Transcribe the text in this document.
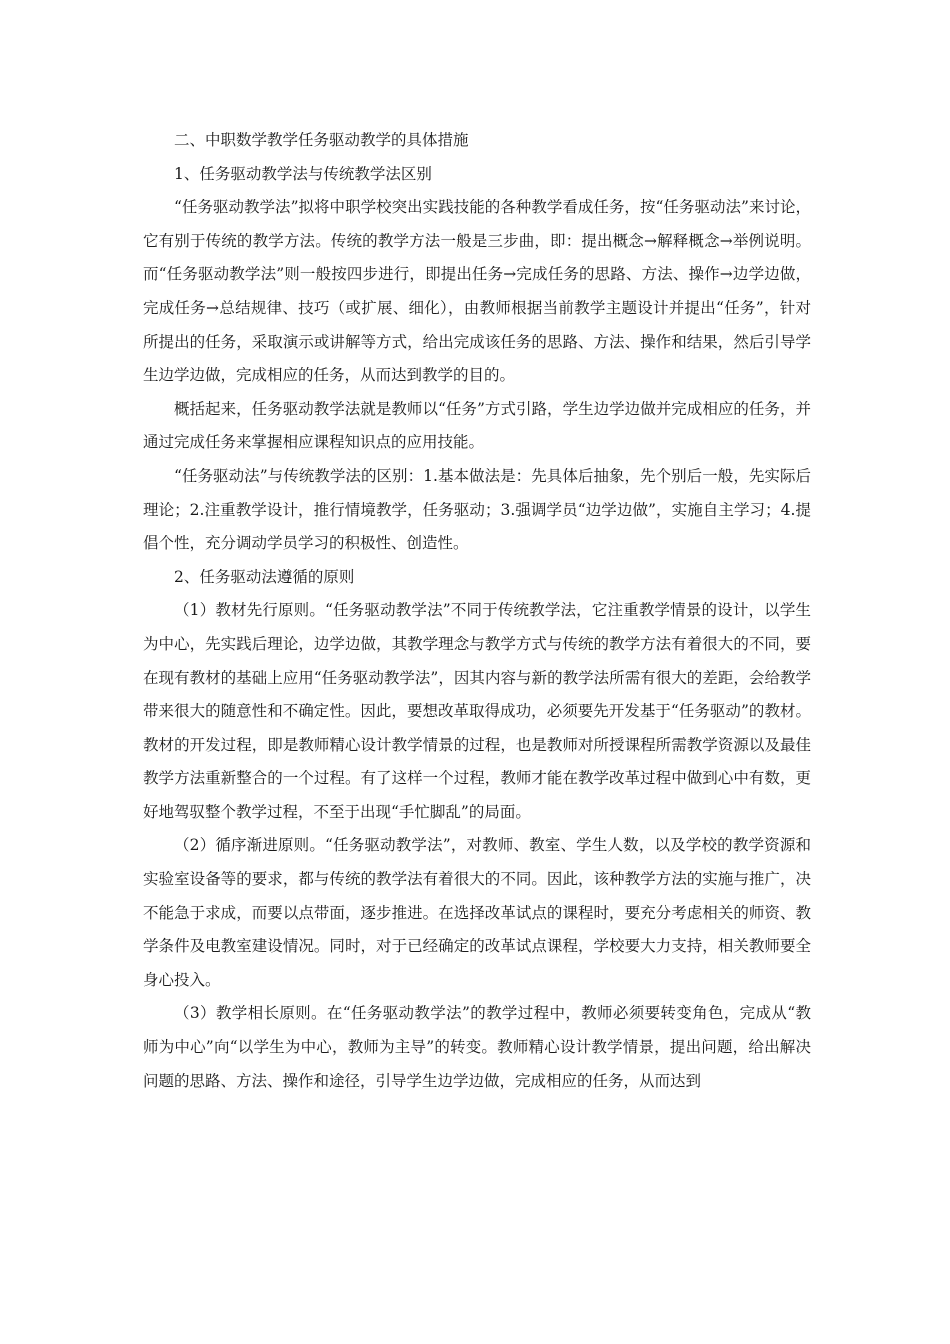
二、中职数学教学任务驱动教学的具体措施

1、任务驱动教学法与传统教学法区别

“任务驱动教学法”拟将中职学校突出实践技能的各种教学看成任务，按“任务驱动法”来讨论，它有别于传统的教学方法。传统的教学方法一般是三步曲，即：提出概念→解释概念→举例说明。而“任务驱动教学法”则一般按四步进行，即提出任务→完成任务的思路、方法、操作→边学边做，完成任务→总结规律、技巧（或扩展、细化），由教师根据当前教学主题设计并提出“任务”，针对所提出的任务，采取演示或讲解等方式，给出完成该任务的思路、方法、操作和结果，然后引导学生边学边做，完成相应的任务，从而达到教学的目的。

概括起来，任务驱动教学法就是教师以“任务”方式引路，学生边学边做并完成相应的任务，并通过完成任务来掌握相应课程知识点的应用技能。

“任务驱动法”与传统教学法的区别：1.基本做法是：先具体后抽象，先个别后一般，先实际后理论；2.注重教学设计，推行情境教学，任务驱动；3.强调学员“边学边做”，实施自主学习；4.提倡个性，充分调动学员学习的积极性、创造性。

2、任务驱动法遵循的原则

（1）教材先行原则。“任务驱动教学法”不同于传统教学法，它注重教学情景的设计，以学生为中心，先实践后理论，边学边做，其教学理念与教学方式与传统的教学方法有着很大的不同，要在现有教材的基础上应用“任务驱动教学法”，因其内容与新的教学法所需有很大的差距，会给教学带来很大的随意性和不确定性。因此，要想改革取得成功，必须要先开发基于“任务驱动”的教材。教材的开发过程，即是教师精心设计教学情景的过程，也是教师对所授课程所需教学资源以及最佳教学方法重新整合的一个过程。有了这样一个过程，教师才能在教学改革过程中做到心中有数，更好地驾驭整个教学过程，不至于出现“手忙脚乱”的局面。

（2）循序渐进原则。“任务驱动教学法”，对教师、教室、学生人数，以及学校的教学资源和实验室设备等的要求，都与传统的教学法有着很大的不同。因此，该种教学方法的实施与推广，决不能急于求成，而要以点带面，逐步推进。在选择改革试点的课程时，要充分考虑相关的师资、教学条件及电教室建设情况。同时，对于已经确定的改革试点课程，学校要大力支持，相关教师要全身心投入。

（3）教学相长原则。在“任务驱动教学法”的教学过程中，教师必须要转变角色，完成从“教师为中心”向“以学生为中心，教师为主导”的转变。教师精心设计教学情景，提出问题，给出解决问题的思路、方法、操作和途径，引导学生边学边做，完成相应的任务，从而达到
